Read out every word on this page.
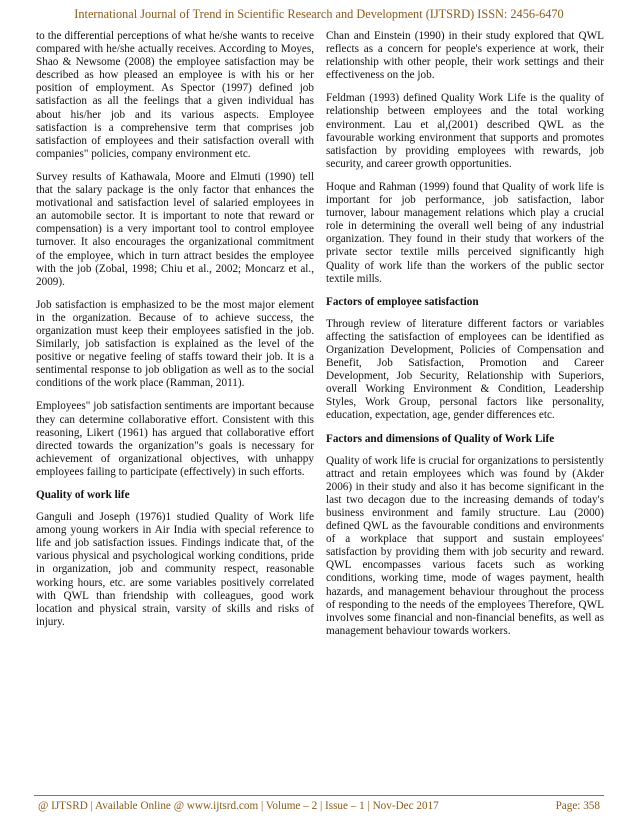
International Journal of Trend in Scientific Research and Development (IJTSRD) ISSN: 2456-6470

to the differential perceptions of what he/she wants to receive compared with he/she actually receives. According to Moyes, Shao & Newsome (2008) the employee satisfaction may be described as how pleased an employee is with his or her position of employment. As Spector (1997) defined job satisfaction as all the feelings that a given individual has about his/her job and its various aspects. Employee satisfaction is a comprehensive term that comprises job satisfaction of employees and their satisfaction overall with companies" policies, company environment etc.

Survey results of Kathawala, Moore and Elmuti (1990) tell that the salary package is the only factor that enhances the motivational and satisfaction level of salaried employees in an automobile sector. It is important to note that reward or compensation) is a very important tool to control employee turnover. It also encourages the organizational commitment of the employee, which in turn attract besides the employee with the job (Zobal, 1998; Chiu et al., 2002; Moncarz et al., 2009).

Job satisfaction is emphasized to be the most major element in the organization. Because of to achieve success, the organization must keep their employees satisfied in the job. Similarly, job satisfaction is explained as the level of the positive or negative feeling of staffs toward their job. It is a sentimental response to job obligation as well as to the social conditions of the work place (Ramman, 2011).

Employees" job satisfaction sentiments are important because they can determine collaborative effort. Consistent with this reasoning, Likert (1961) has argued that collaborative effort directed towards the organization"s goals is necessary for achievement of organizational objectives, with unhappy employees failing to participate (effectively) in such efforts.

Quality of work life

Ganguli and Joseph (1976)1 studied Quality of Work life among young workers in Air India with special reference to life and job satisfaction issues. Findings indicate that, of the various physical and psychological working conditions, pride in organization, job and community respect, reasonable working hours, etc. are some variables positively correlated with QWL than friendship with colleagues, good work location and physical strain, varsity of skills and risks of injury.

Chan and Einstein (1990) in their study explored that QWL reflects as a concern for people's experience at work, their relationship with other people, their work settings and their effectiveness on the job.

Feldman (1993) defined Quality Work Life is the quality of relationship between employees and the total working environment. Lau et al,(2001) described QWL as the favourable working environment that supports and promotes satisfaction by providing employees with rewards, job security, and career growth opportunities.

Hoque and Rahman (1999) found that Quality of work life is important for job performance, job satisfaction, labor turnover, labour management relations which play a crucial role in determining the overall well being of any industrial organization. They found in their study that workers of the private sector textile mills perceived significantly high Quality of work life than the workers of the public sector textile mills.

Factors of employee satisfaction

Through review of literature different factors or variables affecting the satisfaction of employees can be identified as Organization Development, Policies of Compensation and Benefit, Job Satisfaction, Promotion and Career Development, Job Security, Relationship with Superiors, overall Working Environment & Condition, Leadership Styles, Work Group, personal factors like personality, education, expectation, age, gender differences etc.

Factors and dimensions of Quality of Work Life

Quality of work life is crucial for organizations to persistently attract and retain employees which was found by (Akder 2006) in their study and also it has become significant in the last two decagon due to the increasing demands of today's business environment and family structure. Lau (2000) defined QWL as the favourable conditions and environments of a workplace that support and sustain employees' satisfaction by providing them with job security and reward. QWL encompasses various facets such as working conditions, working time, mode of wages payment, health hazards, and management behaviour throughout the process of responding to the needs of the employees Therefore, QWL involves some financial and non-financial benefits, as well as management behaviour towards workers.

@ IJTSRD | Available Online @ www.ijtsrd.com | Volume – 2 | Issue – 1 | Nov-Dec 2017	Page: 358
